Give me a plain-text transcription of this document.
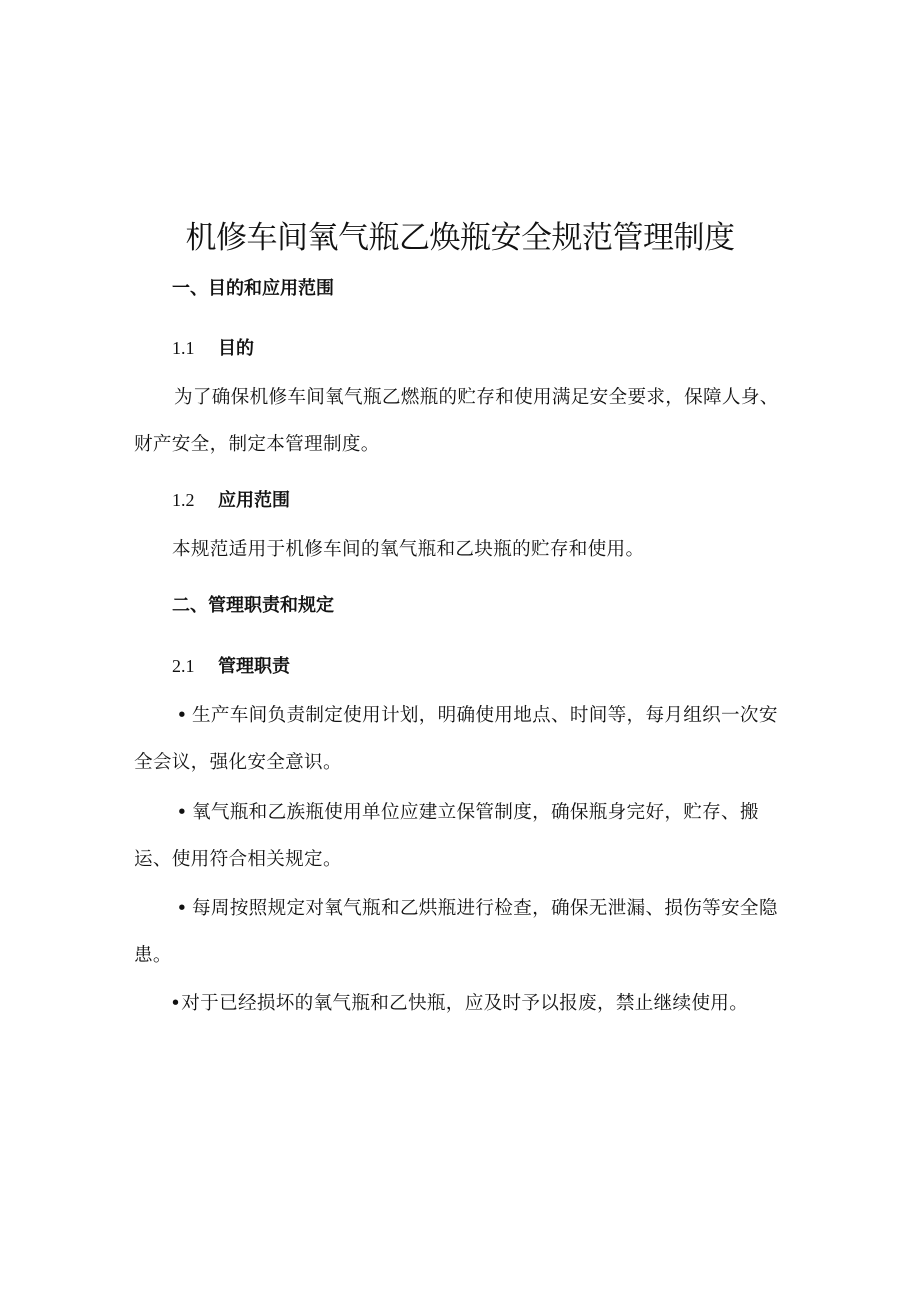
机修车间氧气瓶乙焕瓶安全规范管理制度
一、目的和应用范围
1.1 目的
为了确保机修车间氧气瓶乙燃瓶的贮存和使用满足安全要求，保障人身、财产安全，制定本管理制度。
1.2 应用范围
本规范适用于机修车间的氧气瓶和乙块瓶的贮存和使用。
二、管理职责和规定
2.1 管理职责
• 生产车间负责制定使用计划，明确使用地点、时间等，每月组织一次安全会议，强化安全意识。
• 氧气瓶和乙族瓶使用单位应建立保管制度，确保瓶身完好，贮存、搬运、使用符合相关规定。
• 每周按照规定对氧气瓶和乙烘瓶进行检查，确保无泄漏、损伤等安全隐患。
•对于已经损坏的氧气瓶和乙快瓶，应及时予以报废，禁止继续使用。
